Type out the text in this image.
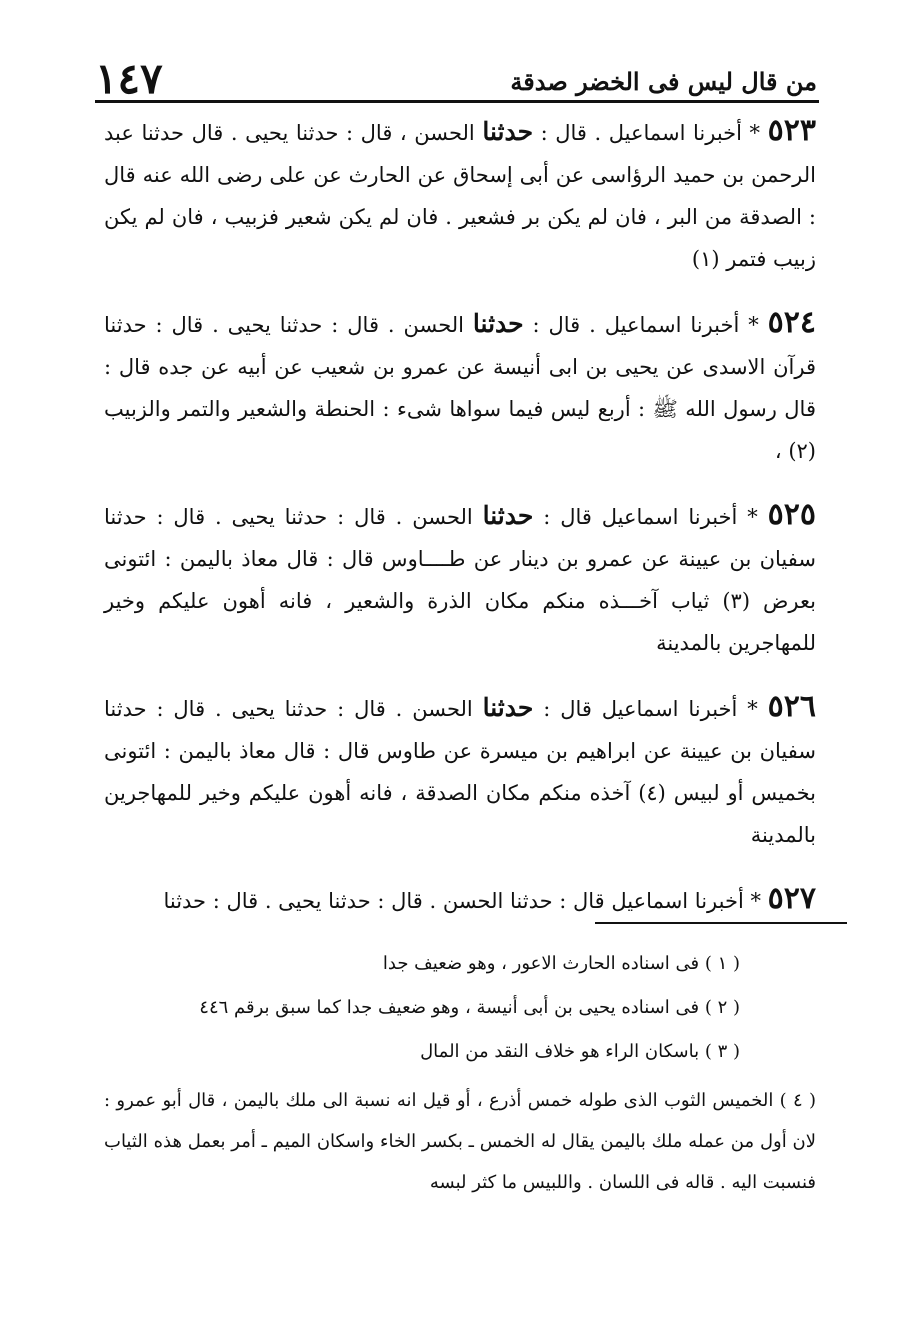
١٤٧	من قال ليس فى الخضر صدقة

٥٢٣ * أخبرنا اسماعيل . قال : حدثنا الحسن ، قال : حدثنا يحيى . قال حدثنا عبد الرحمن بن حميد الرؤاسى عن أبى إسحاق عن الحارث عن على رضى الله عنه قال : الصدقة من البر ، فان لم يكن بر فشعير . فان لم يكن شعير فزبيب ، فان لم يكن زبيب فتمر (١)

٥٢٤ * أخبرنا اسماعيل . قال : حدثنا الحسن . قال : حدثنا يحيى . قال : حدثنا قرآن الاسدى عن يحيى بن ابى أنيسة عن عمرو بن شعيب عن أبيه عن جده قال : قال رسول الله ﷺ : أربع ليس فيما سواها شىء : الحنطة والشعير والتمر والزبيب (٢) ،

٥٢٥ * أخبرنا اسماعيل قال : حدثنا الحسن . قال : حدثنا يحيى . قال : حدثنا سفيان بن عيينة عن عمرو بن دينار عن طــــاوس قال : قال معاذ باليمن : ائتونى بعرض (٣) ثياب آخـــذه منكم مكان الذرة والشعير ، فانه أهون عليكم وخير للمهاجرين بالمدينة

٥٢٦ * أخبرنا اسماعيل قال : حدثنا الحسن . قال : حدثنا يحيى . قال : حدثنا سفيان بن عيينة عن ابراهيم بن ميسرة عن طاوس قال : قال معاذ باليمن : ائتونى بخميس أو لبيس (٤) آخذه منكم مكان الصدقة ، فانه أهون عليكم وخير للمهاجرين بالمدينة

٥٢٧ * أخبرنا اسماعيل قال : حدثنا الحسن . قال : حدثنا يحيى . قال : حدثنا

( ١ ) فى اسناده الحارث الاعور ، وهو ضعيف جدا

( ٢ ) فى اسناده يحيى بن أبى أنيسة ، وهو ضعيف جدا كما سبق برقم ٤٤٦

( ٣ ) باسكان الراء هو خلاف النقد من المال

( ٤ ) الخميس الثوب الذى طوله خمس أذرع ، أو قيل انه نسبة الى ملك باليمن ، قال أبو عمرو : لان أول من عمله ملك باليمن يقال له الخمس ـ بكسر الخاء واسكان الميم ـ أمر بعمل هذه الثياب فنسبت اليه . قاله فى اللسان . واللبيس ما كثر لبسه
